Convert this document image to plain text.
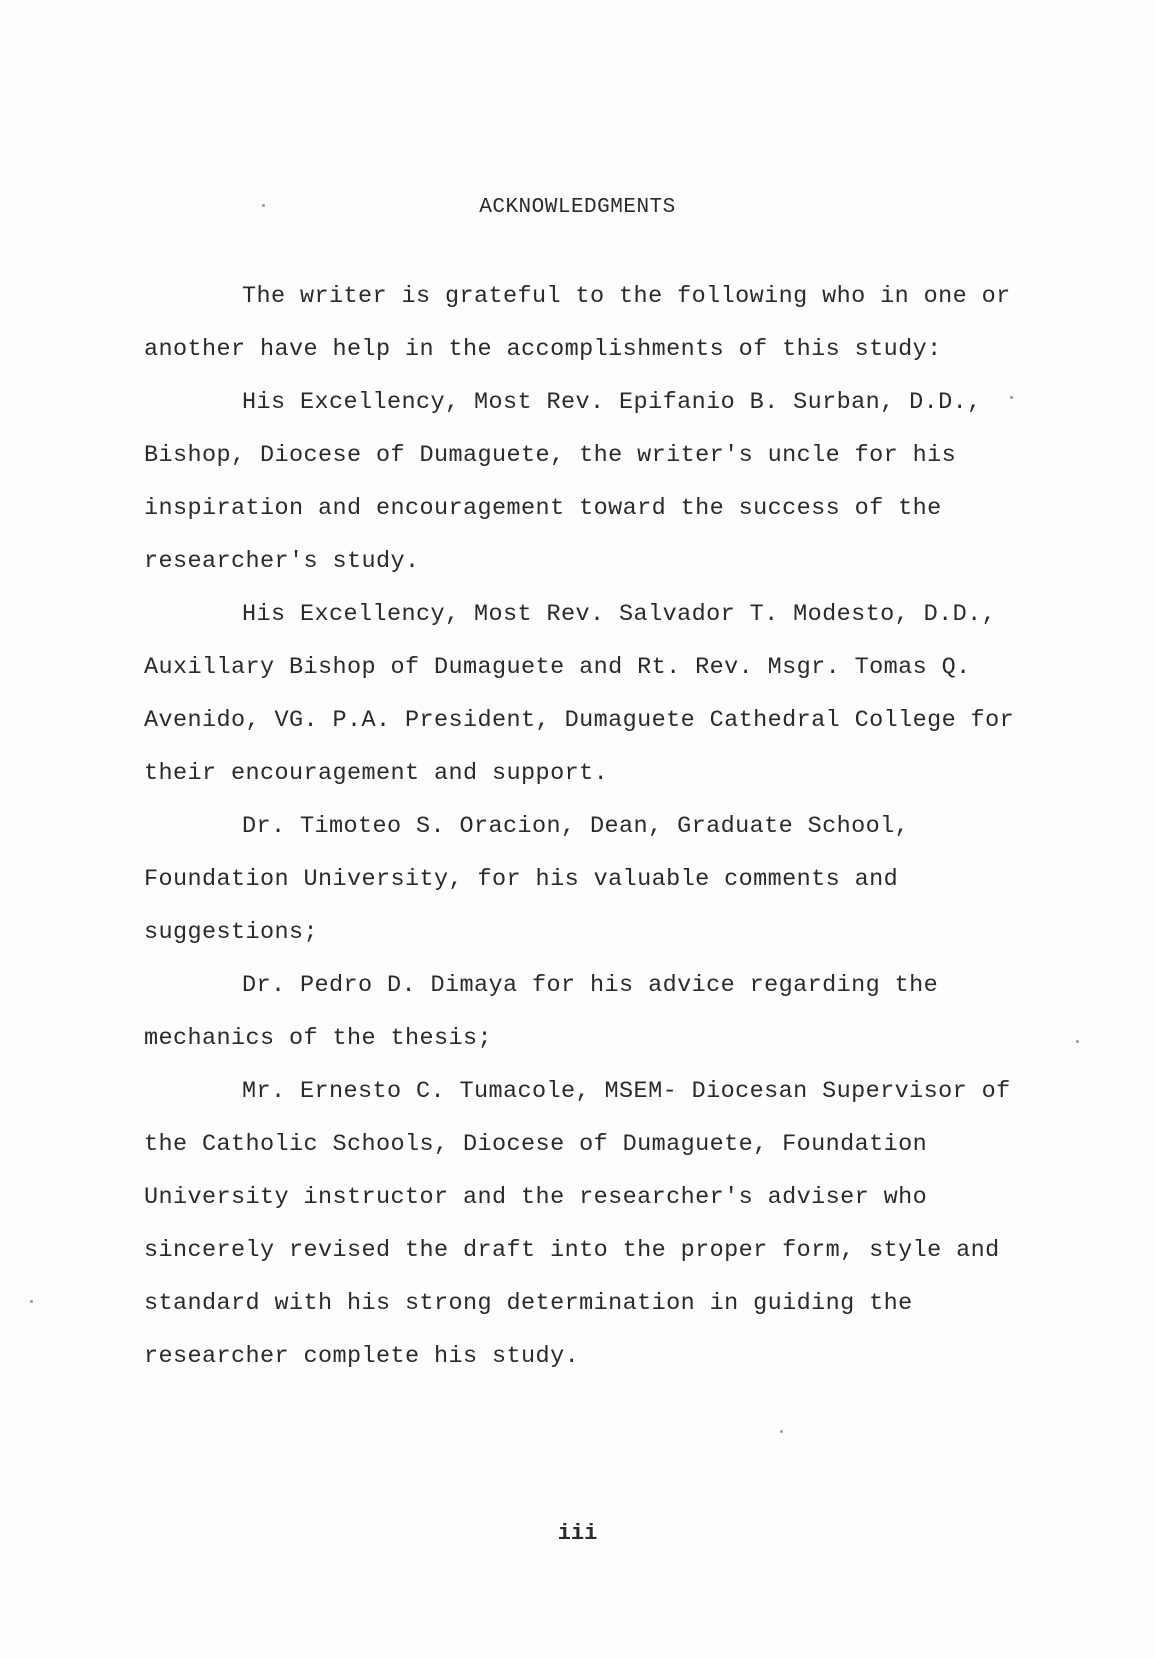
ACKNOWLEDGMENTS

The writer is grateful to the following who in one or another have help in the accomplishments of this study:

His Excellency, Most Rev. Epifanio B. Surban, D.D., Bishop, Diocese of Dumaguete, the writer's uncle for his inspiration and encouragement toward the success of the researcher's study.

His Excellency, Most Rev. Salvador T. Modesto, D.D., Auxillary Bishop of Dumaguete and Rt. Rev. Msgr. Tomas Q. Avenido, VG. P.A. President, Dumaguete Cathedral College for their encouragement and support.

Dr. Timoteo S. Oracion, Dean, Graduate School, Foundation University, for his valuable comments and suggestions;

Dr. Pedro D. Dimaya for his advice regarding the mechanics of the thesis;

Mr. Ernesto C. Tumacole, MSEM- Diocesan Supervisor of the Catholic Schools, Diocese of Dumaguete, Foundation University instructor and the researcher's adviser who sincerely revised the draft into the proper form, style and standard with his strong determination in guiding the researcher complete his study.

iii
